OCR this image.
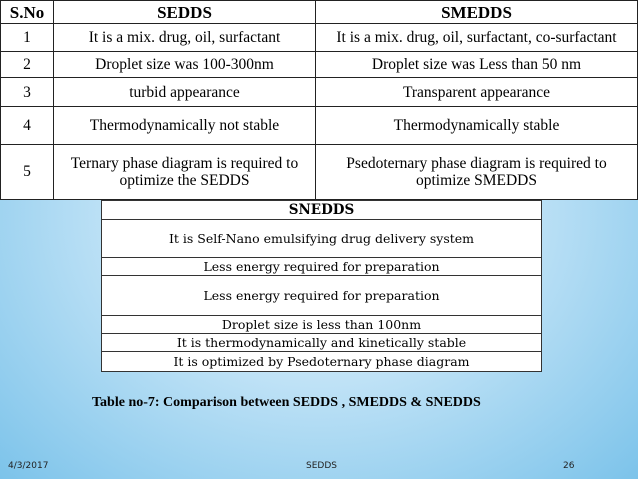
S.No	SEDDS	SMEDDS
1	It is a mix. drug, oil, surfactant	It is a mix. drug, oil, surfactant, co-surfactant
2	Droplet size was 100-300nm	Droplet size was Less than 50 nm
3	turbid appearance	Transparent appearance
4	Thermodynamically not stable	Thermodynamically stable
5	Ternary phase diagram is required to optimize the SEDDS	Psedoternary phase diagram is required to optimize SMEDDS
SNEDDS
It is Self-Nano emulsifying drug delivery system
Less energy required for preparation
Less energy required for preparation
Droplet size is less than 100nm
It is thermodynamically and kinetically stable
It is optimized by Psedoternary phase diagram
Table no-7: Comparison between SEDDS , SMEDDS & SNEDDS
4/3/2017	SEDDS	26
